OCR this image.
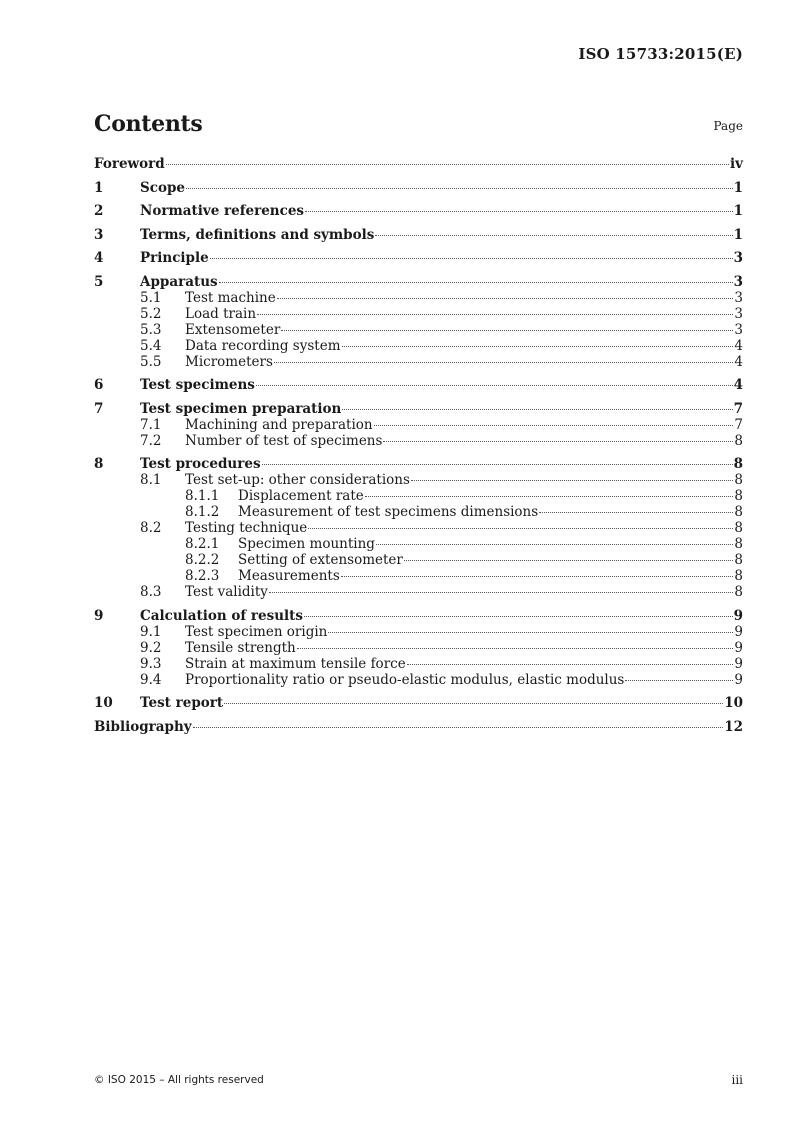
ISO 15733:2015(E)
Contents	Page
Foreword	iv
1	Scope	1
2	Normative references	1
3	Terms, definitions and symbols	1
4	Principle	3
5	Apparatus	3
5.1	Test machine	3
5.2	Load train	3
5.3	Extensometer	3
5.4	Data recording system	4
5.5	Micrometers	4
6	Test specimens	4
7	Test specimen preparation	7
7.1	Machining and preparation	7
7.2	Number of test of specimens	8
8	Test procedures	8
8.1	Test set-up: other considerations	8
8.1.1	Displacement rate	8
8.1.2	Measurement of test specimens dimensions	8
8.2	Testing technique	8
8.2.1	Specimen mounting	8
8.2.2	Setting of extensometer	8
8.2.3	Measurements	8
8.3	Test validity	8
9	Calculation of results	9
9.1	Test specimen origin	9
9.2	Tensile strength	9
9.3	Strain at maximum tensile force	9
9.4	Proportionality ratio or pseudo-elastic modulus, elastic modulus	9
10	Test report	10
Bibliography	12
© ISO 2015 – All rights reserved	iii
